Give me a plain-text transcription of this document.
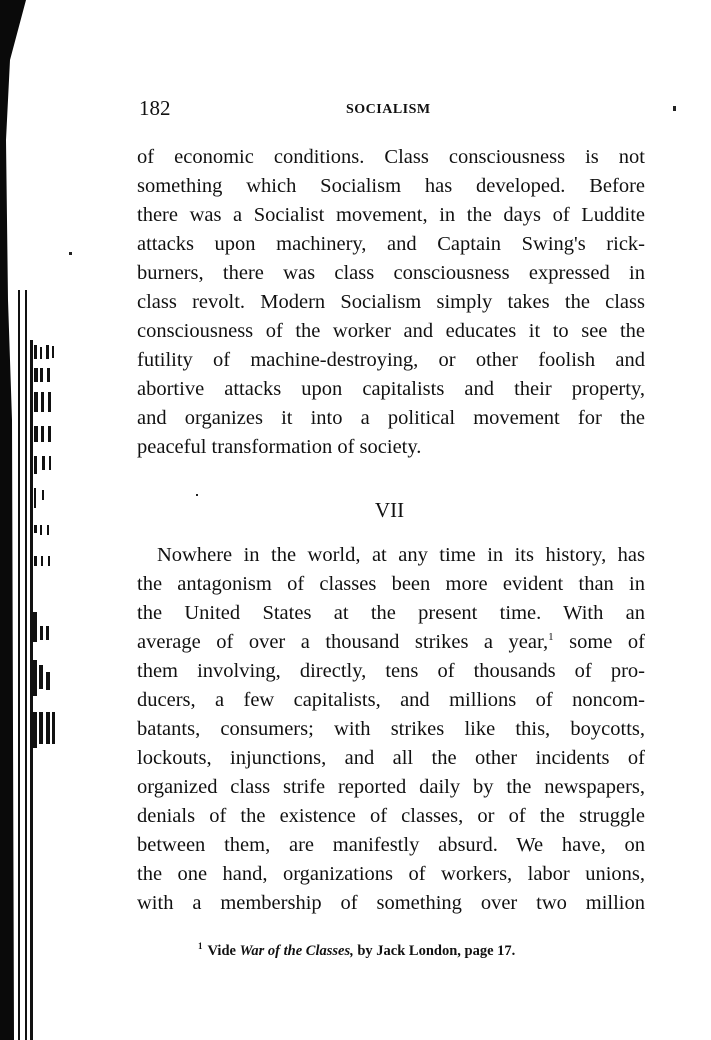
182	SOCIALISM
of economic conditions. Class consciousness is not
something which Socialism has developed. Before
there was a Socialist movement, in the days of Luddite
attacks upon machinery, and Captain Swing's rick-
burners, there was class consciousness expressed in
class revolt. Modern Socialism simply takes the class
consciousness of the worker and educates it to see the
futility of machine-destroying, or other foolish and
abortive attacks upon capitalists and their property,
and organizes it into a political movement for the
peaceful transformation of society.
VII
Nowhere in the world, at any time in its history, has
the antagonism of classes been more evident than in
the United States at the present time. With an
average of over a thousand strikes a year,$^1$ some of
them involving, directly, tens of thousands of pro-
ducers, a few capitalists, and millions of noncom-
batants, consumers; with strikes like this, boycotts,
lockouts, injunctions, and all the other incidents of
organized class strife reported daily by the newspapers,
denials of the existence of classes, or of the struggle
between them, are manifestly absurd. We have, on
the one hand, organizations of workers, labor unions,
with a membership of something over two million
$^1$ Vide War of the Classes, by Jack London, page 17.
